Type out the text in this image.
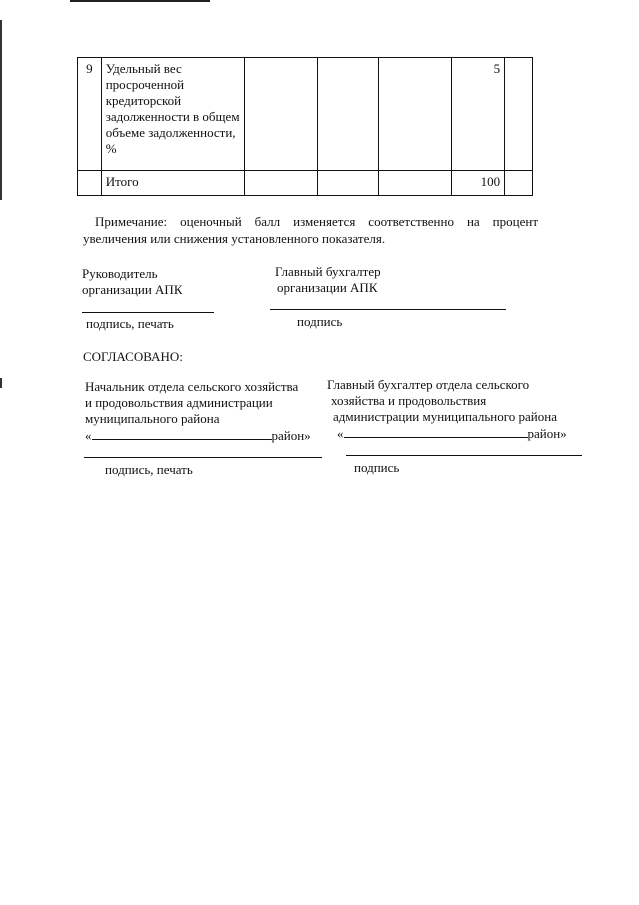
9	Удельный вес просроченной кредиторской задолженности в общем объеме задолженности, %				5	
	Итого				100	
Примечание: оценочный балл изменяется соответственно на процент увеличения или снижения установленного показателя.
Руководитель
организации АПК
подпись, печать
Главный бухгалтер
организации АПК
подпись
СОГЛАСОВАНО:
Начальник отдела сельского хозяйства
и продовольствия администрации
муниципального района
«	район»
подпись, печать
Главный бухгалтер отдела сельского
хозяйства и продовольствия
администрации муниципального района
«	район»
подпись
